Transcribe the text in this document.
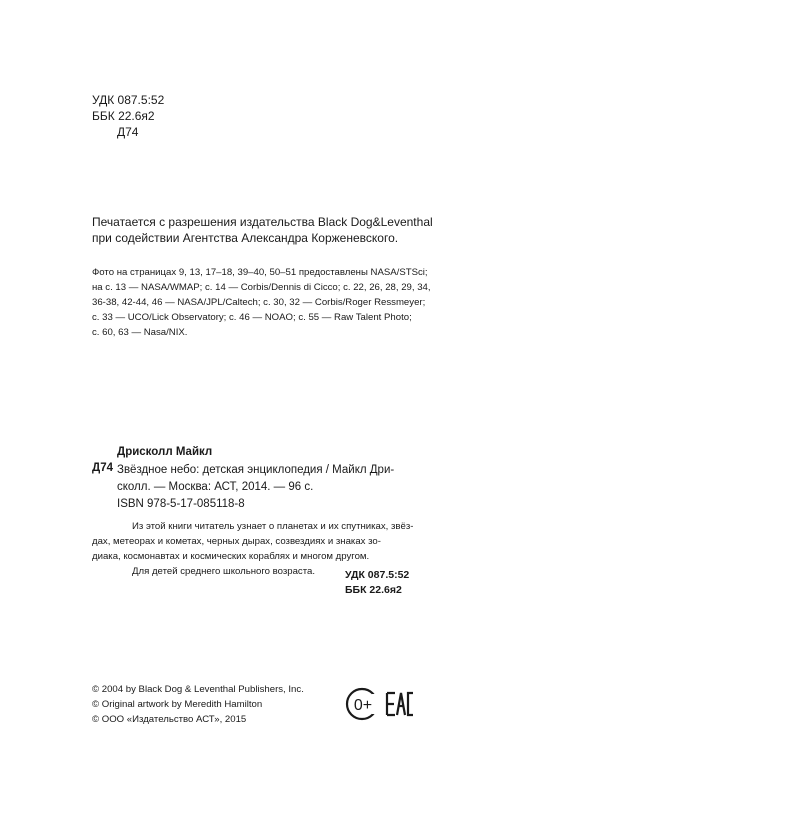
УДК 087.5:52
ББК 22.6я2
Д74
Печатается с разрешения издательства Black Dog&Leventhal
при содействии Агентства Александра Корженевского.
Фото на страницах 9, 13, 17–18, 39–40, 50–51 предоставлены NASA/STSci;
на с. 13 — NASA/WMAP; с. 14 — Corbis/Dennis di Cicco; с. 22, 26, 28, 29, 34,
36-38, 42-44, 46 — NASA/JPL/Caltech; с. 30, 32 — Corbis/Roger Ressmeyer;
с. 33 — UCO/Lick Observatory; с. 46 — NOAO; с. 55 — Raw Talent Photo;
с. 60, 63 — Nasa/NIX.
Дрисколл Майкл
Д74 Звёздное небо: детская энциклопедия / Майкл Дри-
сколл. — Москва: АСТ, 2014. — 96 с.
ISBN 978-5-17-085118-8
Из этой книги читатель узнает о планетах и их спутниках, звёз-
дах, метеорах и кометах, черных дырах, созвездиях и знаках зо-
диака, космонавтах и космических кораблях и многом другом.
Для детей среднего школьного возраста.	УДК 087.5:52
ББК 22.6я2
© 2004 by Black Dog & Leventhal Publishers, Inc.
© Original artwork by Meredith Hamilton
© ООО «Издательство АСТ», 2015
0+
